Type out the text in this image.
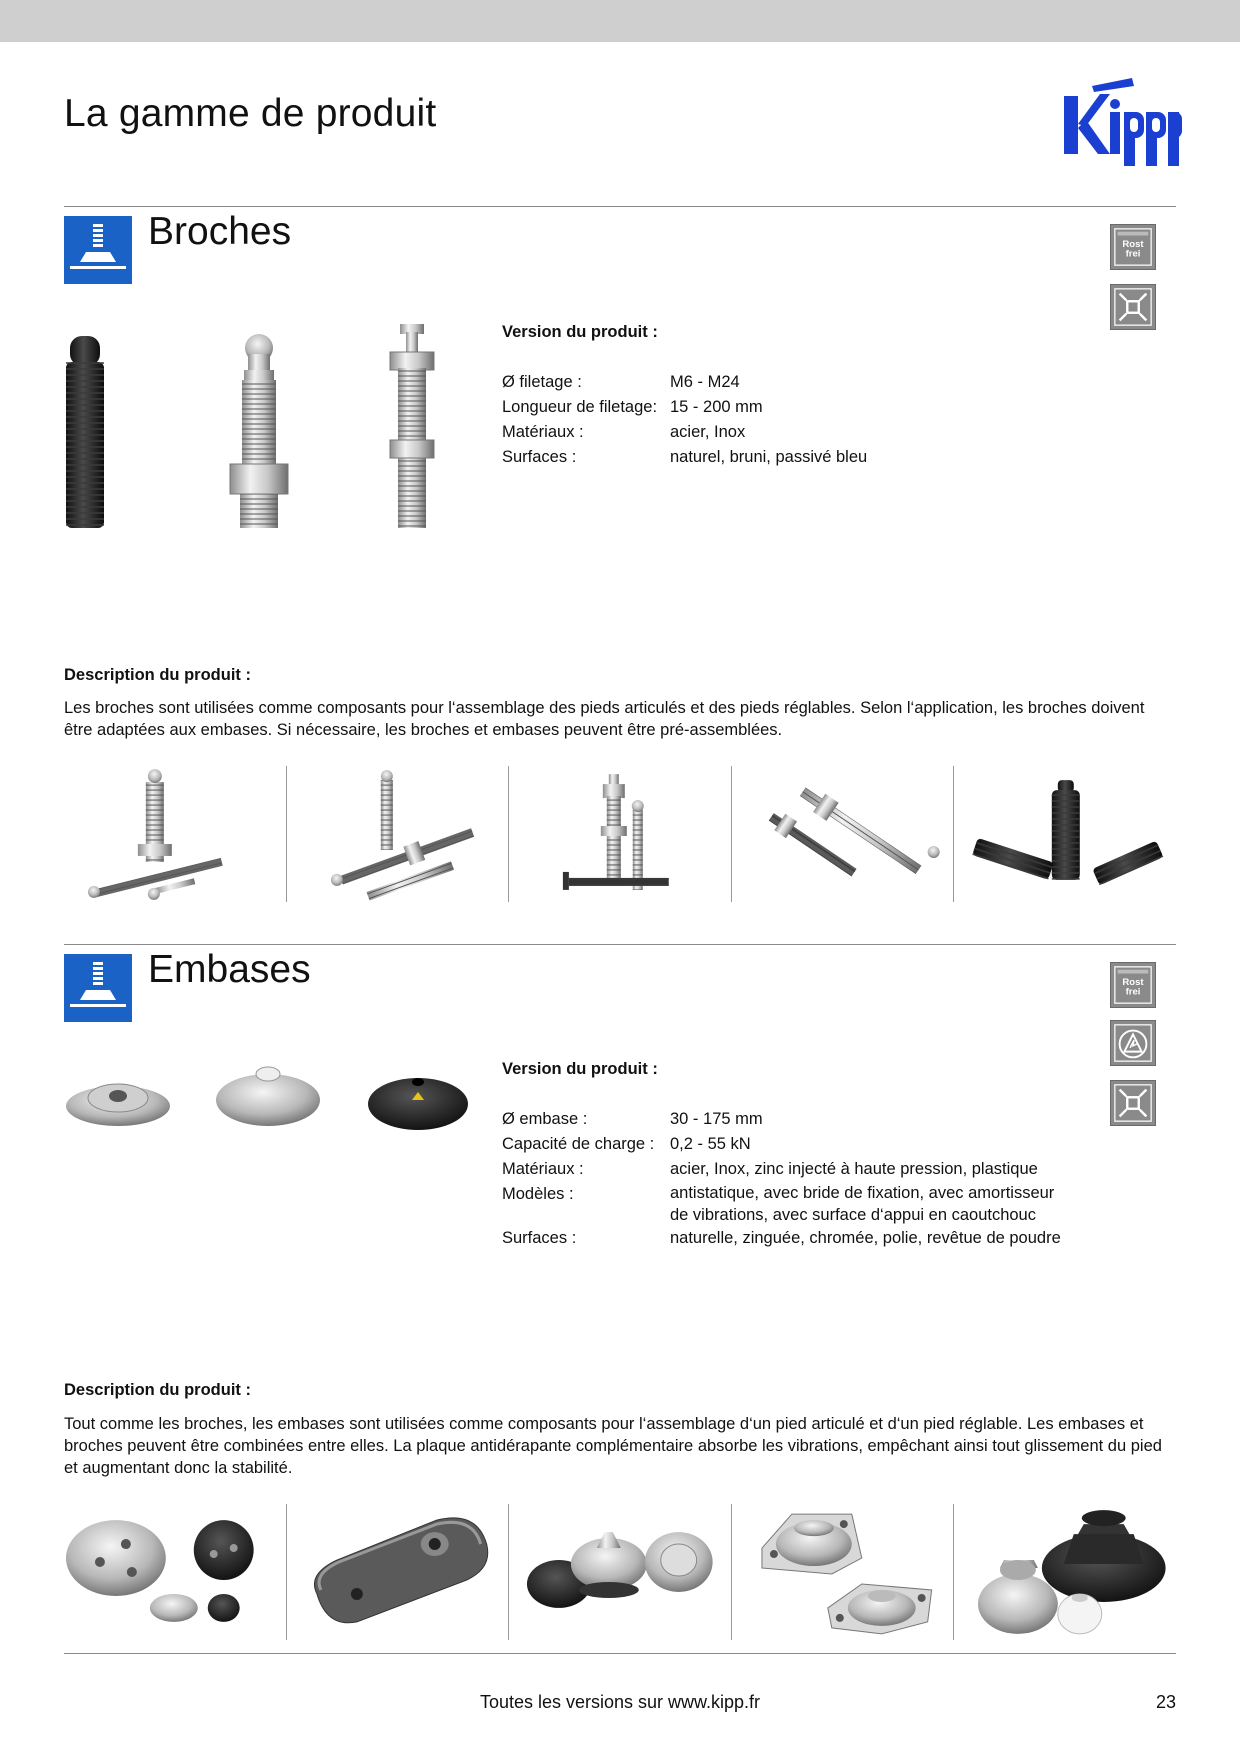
La gamme de produit
Broches	Rost
frei
Version du produit :
Ø filetage :	M6 - M24
Longueur de filetage: 15 - 200 mm
Matériaux :	acier, Inox
Surfaces :	naturel, bruni, passivé bleu
Description du produit :
Les broches sont utilisées comme composants pour l‘assemblage des pieds articulés et des pieds réglables. Selon l‘application, les broches doivent être adaptées aux embases. Si nécessaire, les broches et embases peuvent être pré-assemblées.
Embases	Rost
frei
Version du produit :
Ø embase :	30 - 175 mm
Capacité de charge : 0,2 - 55 kN
Matériaux :	acier, Inox, zinc injecté à haute pression, plastique
Modèles :	antistatique, avec bride de fixation, avec amortisseur de vibrations, avec surface d‘appui en caoutchouc
Surfaces :	naturelle, zinguée, chromée, polie, revêtue de poudre
Description du produit :
Tout comme les broches, les embases sont utilisées comme composants pour l‘assemblage d‘un pied articulé et d‘un pied réglable. Les embases et broches peuvent être combinées entre elles. La plaque antidérapante complémentaire absorbe les vibrations, empêchant ainsi tout glissement du pied et augmentant donc la stabilité.
Toutes les versions sur www.kipp.fr	23
